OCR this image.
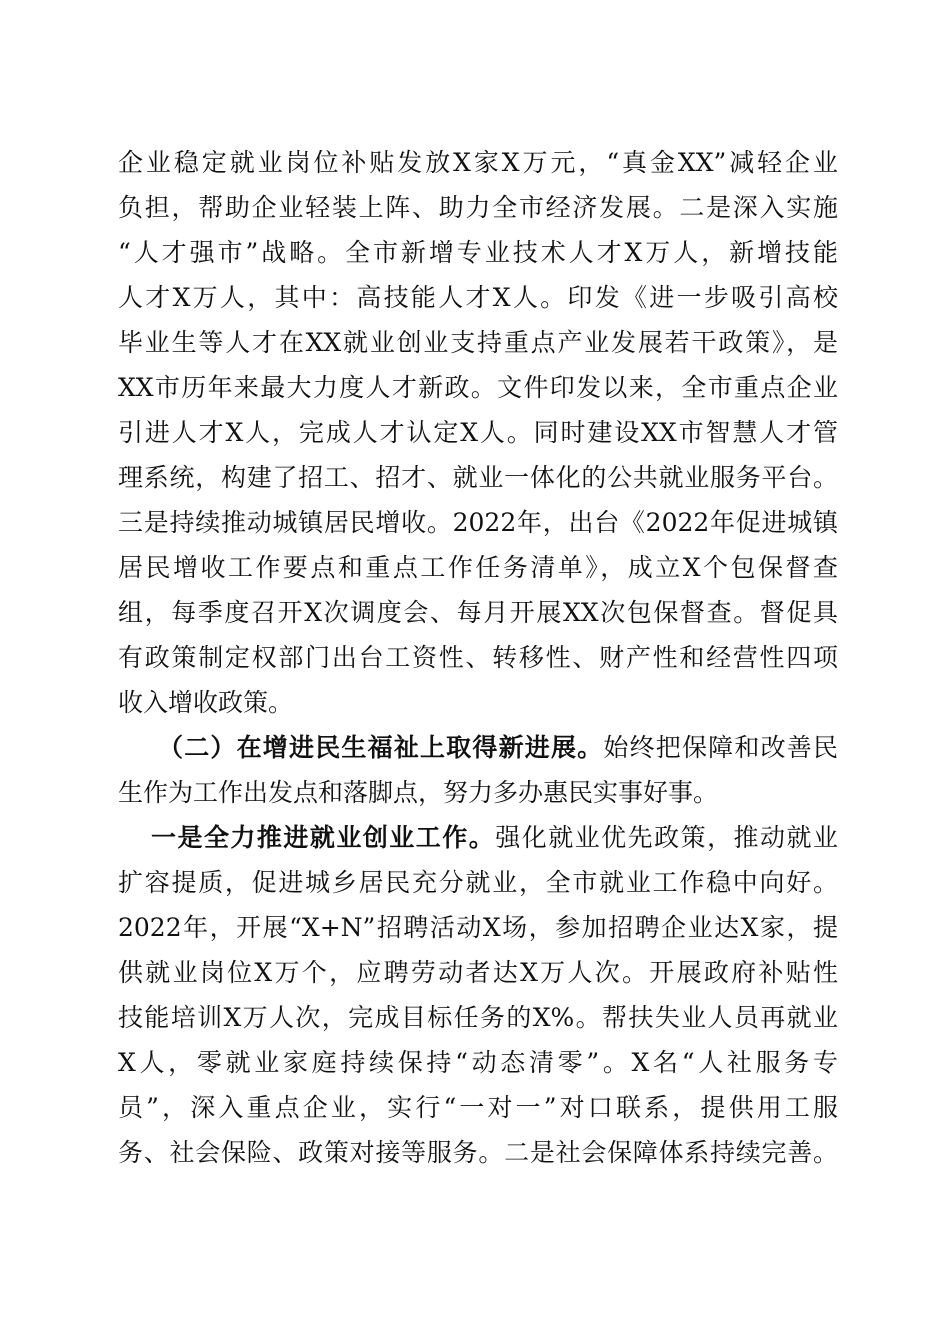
企业稳定就业岗位补贴发放X家X万元，“真金XX”减轻企业
负担，帮助企业轻装上阵、助力全市经济发展。二是深入实施
“人才强市”战略。全市新增专业技术人才X万人，新增技能
人才X万人，其中：高技能人才X人。印发《进一步吸引高校
毕业生等人才在XX就业创业支持重点产业发展若干政策》，是
XX市历年来最大力度人才新政。文件印发以来，全市重点企业
引进人才X人，完成人才认定X人。同时建设XX市智慧人才管
理系统，构建了招工、招才、就业一体化的公共就业服务平台。
三是持续推动城镇居民增收。2022年，出台《2022年促进城镇
居民增收工作要点和重点工作任务清单》，成立X个包保督查
组，每季度召开X次调度会、每月开展XX次包保督查。督促具
有政策制定权部门出台工资性、转移性、财产性和经营性四项
收入增收政策。
（二）在增进民生福祉上取得新进展。始终把保障和改善民
生作为工作出发点和落脚点，努力多办惠民实事好事。
一是全力推进就业创业工作。强化就业优先政策，推动就业
扩容提质，促进城乡居民充分就业，全市就业工作稳中向好。
2022年，开展“X+N”招聘活动X场，参加招聘企业达X家，提
供就业岗位X万个，应聘劳动者达X万人次。开展政府补贴性
技能培训X万人次，完成目标任务的X%。帮扶失业人员再就业
X人，零就业家庭持续保持“动态清零”。X名“人社服务专
员”，深入重点企业，实行“一对一”对口联系，提供用工服
务、社会保险、政策对接等服务。二是社会保障体系持续完善。
